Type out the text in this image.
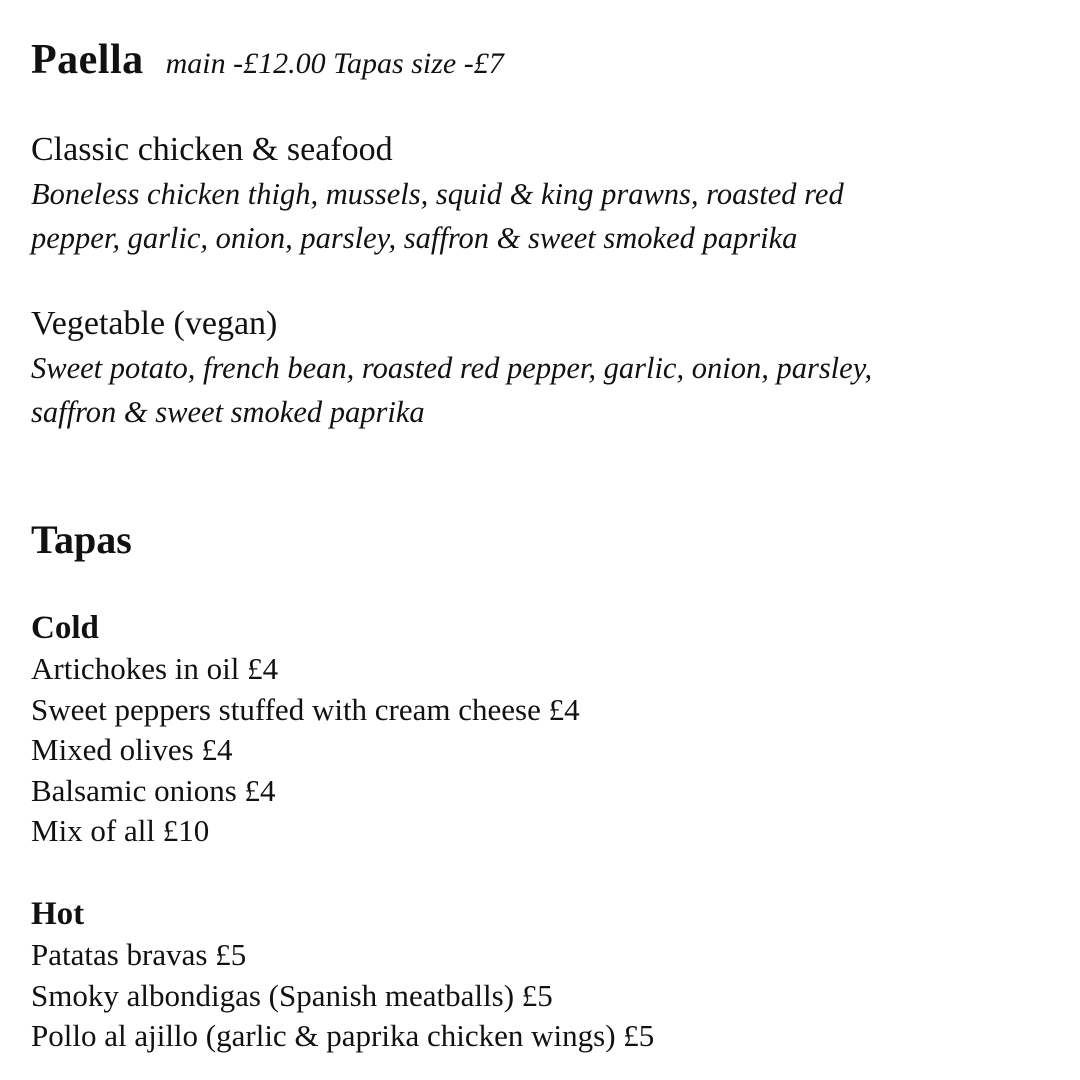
Paella main -£12.00 Tapas size -£7
Classic chicken & seafood
Boneless chicken thigh, mussels, squid & king prawns, roasted red pepper, garlic, onion, parsley, saffron & sweet smoked paprika
Vegetable (vegan)
Sweet potato, french bean, roasted red pepper, garlic, onion, parsley, saffron & sweet smoked paprika
Tapas
Cold
Artichokes in oil £4
Sweet peppers stuffed with cream cheese £4
Mixed olives £4
Balsamic onions £4
Mix of all £10
Hot
Patatas bravas £5
Smoky albondigas (Spanish meatballs) £5
Pollo al ajillo (garlic & paprika chicken wings) £5
